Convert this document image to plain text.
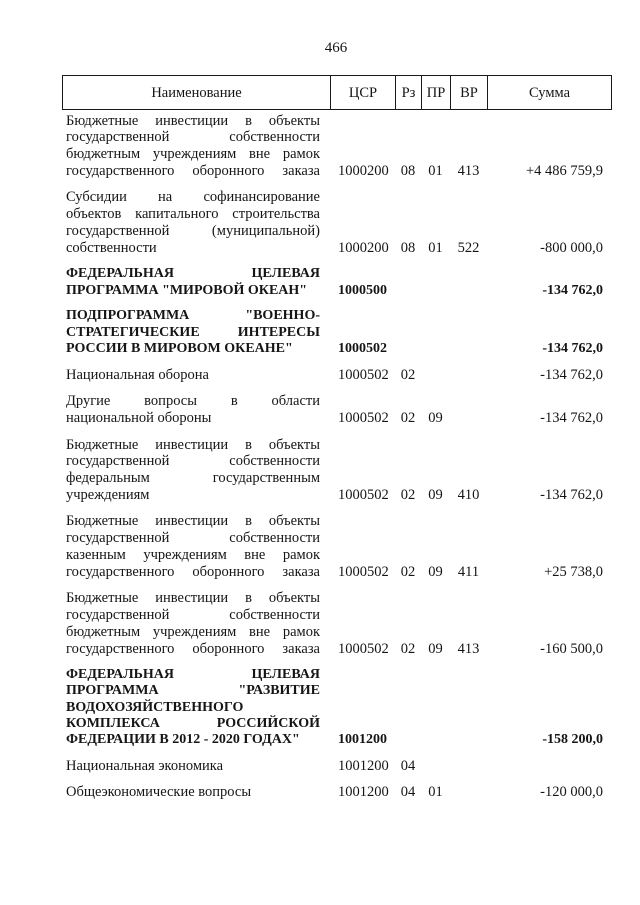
466
Наименование	ЦСР	Рз ПР	ВР	Сумма
Бюджетные инвестиции в объекты
государственной собственности
бюджетным учреждениям вне рамок
государственного оборонного заказа	1000200 08 01	413	+4 486 759,9
Субсидии на софинансирование
объектов капитального строительства
государственной (муниципальной)
собственности	1000200 08 01	522	-800 000,0
ФЕДЕРАЛЬНАЯ ЦЕЛЕВАЯ
ПРОГРАММА "МИРОВОЙ ОКЕАН"	1000500	-134 762,0
ПОДПРОГРАММА "ВОЕННО-
СТРАТЕГИЧЕСКИЕ ИНТЕРЕСЫ
РОССИИ В МИРОВОМ ОКЕАНЕ"	1000502	-134 762,0
Национальная оборона	1000502 02	-134 762,0
Другие вопросы в области
национальной обороны	1000502 02 09	-134 762,0
Бюджетные инвестиции в объекты
государственной собственности
федеральным государственным
учреждениям	1000502 02 09	410	-134 762,0
Бюджетные инвестиции в объекты
государственной собственности
казенным учреждениям вне рамок
государственного оборонного заказа	1000502 02 09	411	+25 738,0
Бюджетные инвестиции в объекты
государственной собственности
бюджетным учреждениям вне рамок
государственного оборонного заказа	1000502 02 09	413	-160 500,0
ФЕДЕРАЛЬНАЯ ЦЕЛЕВАЯ
ПРОГРАММА "РАЗВИТИЕ
ВОДОХОЗЯЙСТВЕННОГО
КОМПЛЕКСА РОССИЙСКОЙ
ФЕДЕРАЦИИ В 2012 - 2020 ГОДАХ"	1001200	-158 200,0
Национальная экономика	1001200 04
Общеэкономические вопросы	1001200 04 01	-120 000,0
